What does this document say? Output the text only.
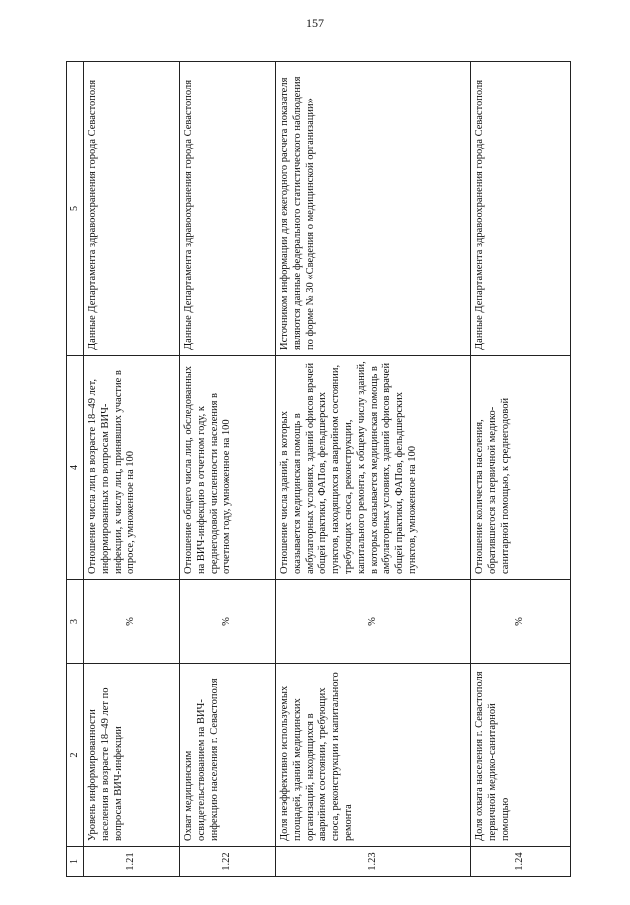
157
1	2	3	4	5
1.21	Уровень информированности населения в возрасте 18–49 лет по вопросам ВИЧ-инфекции	%	Отношение числа лиц в возрасте 18–49 лет, информированных по вопросам ВИЧ-инфекции, к числу лиц, принявших участие в опросе, умноженное на 100	Данные Департамента здравоохранения города Севастополя
1.22	Охват медицинским освидетельствованием на ВИЧ-инфекцию населения г. Севастополя	%	Отношение общего числа лиц, обследованных на ВИЧ-инфекцию в отчетном году, к среднегодовой численности населения в отчетном году, умноженное на 100	Данные Департамента здравоохранения города Севастополя
1.23	Доля неэффективно используемых площадей, зданий медицинских организаций, находящихся в аварийном состоянии, требующих сноса, реконструкции и капитального ремонта	%	Отношение числа зданий, в которых оказывается медицинская помощь в амбулаторных условиях, зданий офисов врачей общей практики, ФАПов, фельдшерских пунктов, находящихся в аварийном состоянии, требующих сноса, реконструкции, капитального ремонта, к общему числу зданий, в которых оказывается медицинская помощь в амбулаторных условиях, зданий офисов врачей общей практики, ФАПов, фельдшерских пунктов, умноженное на 100	Источником информации для ежегодного расчета показателя являются данные федерального статистического наблюдения по форме № 30 «Сведения о медицинской организации»
1.24	Доля охвата населения г. Севастополя первичной медико-санитарной помощью	%	Отношение количества населения, обратившегося за первичной медико-санитарной помощью, к среднегодовой	Данные Департамента здравоохранения города Севастополя
